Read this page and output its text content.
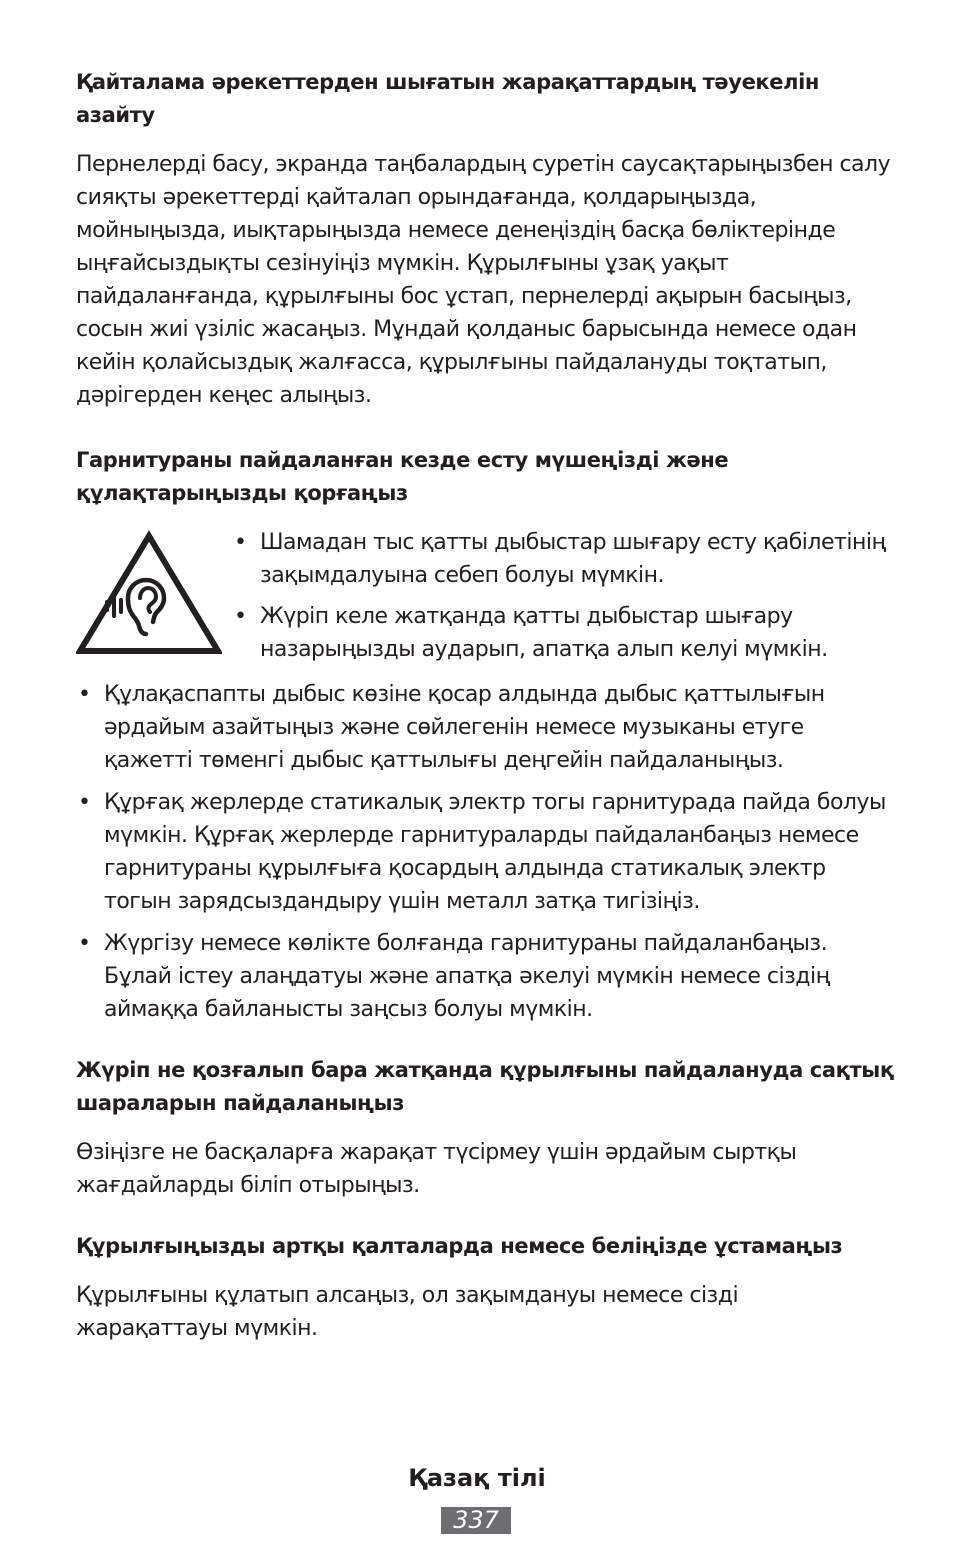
Қайталама әрекеттерден шығатын жарақаттардың тәуекелін азайту

Пернелерді басу, экранда таңбалардың суретін саусақтарыңызбен салу сияқты әрекеттерді қайталап орындағанда, қолдарыңызда, мойныңызда, иықтарыңызда немесе денеңіздің басқа бөліктерінде ыңғайсыздықты сезінуіңіз мүмкін. Құрылғыны ұзақ уақыт пайдаланғанда, құрылғыны бос ұстап, пернелерді ақырын басыңыз, сосын жиі үзіліс жасаңыз. Мұндай қолданыс барысында немесе одан кейін қолайсыздық жалғасса, құрылғыны пайдалануды тоқтатып, дәрігерден кеңес алыңыз.

Гарнитураны пайдаланған кезде есту мүшеңізді және құлақтарыңызды қорғаңыз
• Шамадан тыс қатты дыбыстар шығару есту қабілетінің зақымдалуына себеп болуы мүмкін.
• Жүріп келе жатқанда қатты дыбыстар шығару назарыңызды аударып, апатқа алып келуі мүмкін.
• Құлақаспапты дыбыс көзіне қосар алдында дыбыс қаттылығын әрдайым азайтыңыз және сөйлегенін немесе музыканы етуге қажетті төменгі дыбыс қаттылығы деңгейін пайдаланыңыз.
• Құрғақ жерлерде статикалық электр тогы гарнитурада пайда болуы мүмкін. Құрғақ жерлерде гарнитураларды пайдаланбаңыз немесе гарнитураны құрылғыға қосардың алдында статикалық электр тогын зарядсыздандыру үшін металл затқа тигізіңіз.
• Жүргізу немесе көлікте болғанда гарнитураны пайдаланбаңыз. Бұлай істеу алаңдатуы және апатқа әкелуі мүмкін немесе сіздің аймаққа байланысты заңсыз болуы мүмкін.
Жүріп не қозғалып бара жатқанда құрылғыны пайдалануда сақтық шараларын пайдаланыңыз

Өзіңізге не басқаларға жарақат түсірмеу үшін әрдайым сыртқы жағдайларды біліп отырыңыз.

Құрылғыңызды артқы қалталарда немесе беліңізде ұстамаңыз

Құрылғыны құлатып алсаңыз, ол зақымдануы немесе сізді жарақаттауы мүмкін.

Қазақ тілі
337
